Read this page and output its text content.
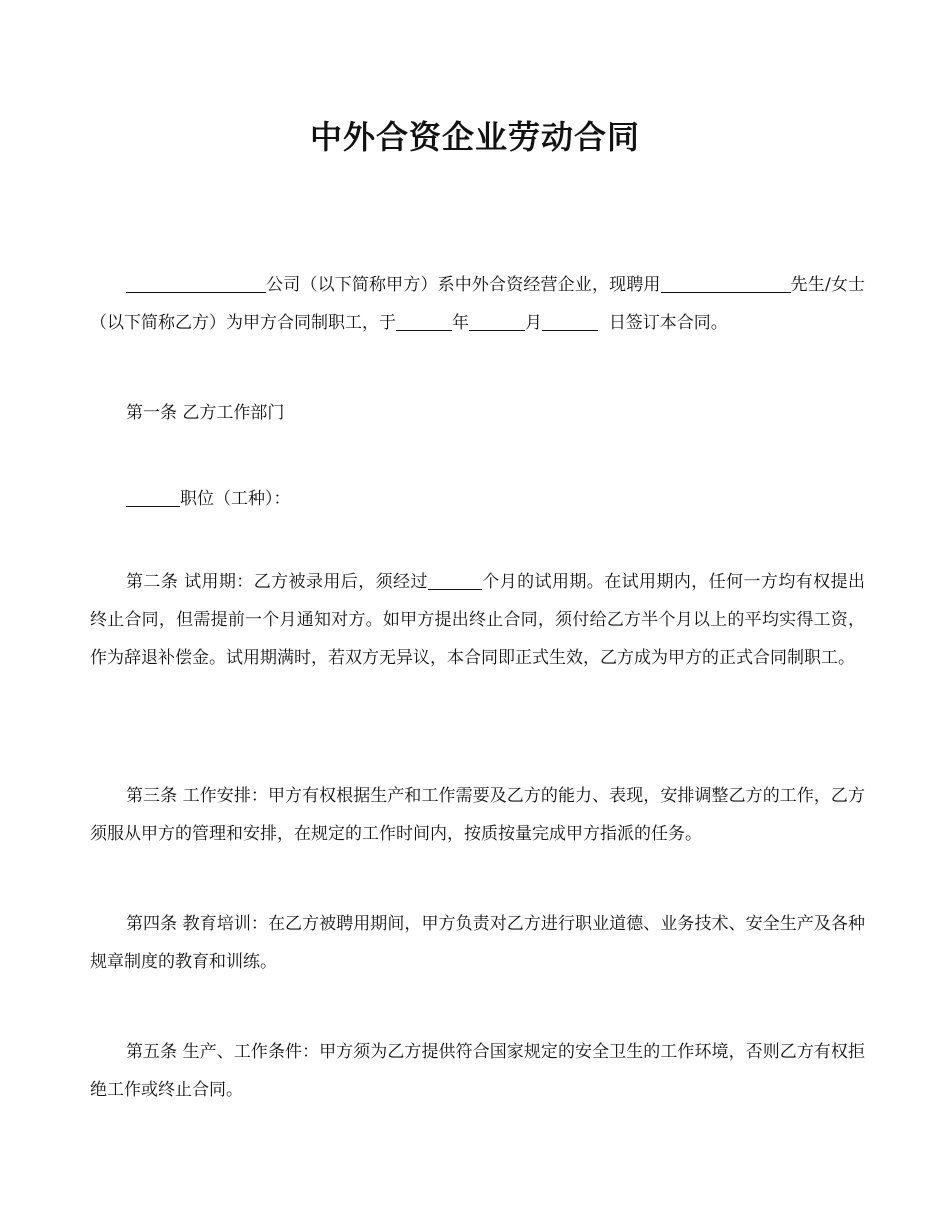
中外合资企业劳动合同
公司（以下简称甲方）系中外合资经营企业，现聘用	先生/女士（以下简称乙方）为甲方合同制职工，于	年	月	日签订本合同。
第一条 乙方工作部门
职位（工种）：
第二条 试用期：乙方被录用后，须经过	个月的试用期。在试用期内，任何一方均有权提出终止合同，但需提前一个月通知对方。如甲方提出终止合同，须付给乙方半个月以上的平均实得工资，作为辞退补偿金。试用期满时，若双方无异议，本合同即正式生效，乙方成为甲方的正式合同制职工。
第三条 工作安排：甲方有权根据生产和工作需要及乙方的能力、表现，安排调整乙方的工作，乙方须服从甲方的管理和安排，在规定的工作时间内，按质按量完成甲方指派的任务。
第四条 教育培训：在乙方被聘用期间，甲方负责对乙方进行职业道德、业务技术、安全生产及各种规章制度的教育和训练。
第五条 生产、工作条件：甲方须为乙方提供符合国家规定的安全卫生的工作环境，否则乙方有权拒绝工作或终止合同。
